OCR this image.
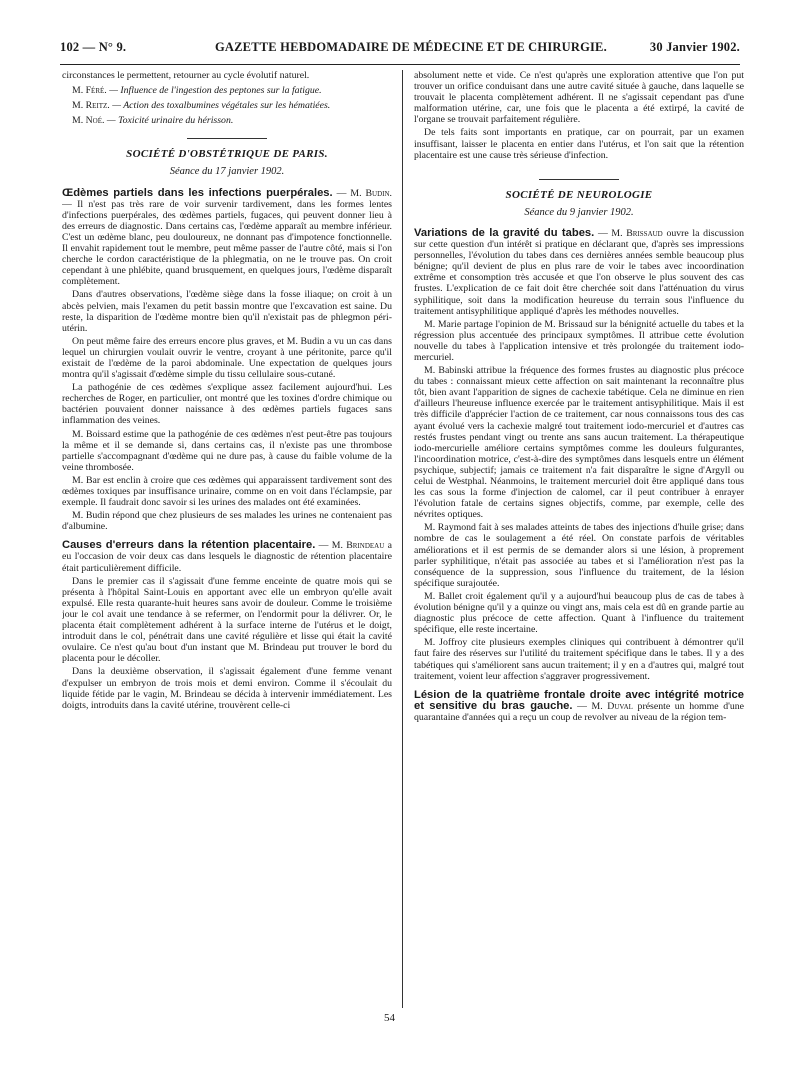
102 — N° 9.	GAZETTE HEBDOMADAIRE DE MÉDECINE ET DE CHIRURGIE.	30 Janvier 1902.

circonstances le permettent, retourner au cycle évolutif naturel.

M. Féré. — Influence de l'ingestion des peptones sur la fatigue.

M. Reitz. — Action des toxalbumines végétales sur les hématiées.

M. Noé. — Toxicité urinaire du hérisson.

SOCIÉTÉ D'OBSTÉTRIQUE DE PARIS.
Séance du 17 janvier 1902.

Œdèmes partiels dans les infections puerpérales. — M. Budin. — Il n'est pas très rare de voir survenir tardivement, dans les formes lentes d'infections puerpérales, des œdèmes partiels, fugaces, qui peuvent donner lieu à des erreurs de diagnostic. Dans certains cas, l'œdème apparaît au membre inférieur. C'est un œdème blanc, peu douloureux, ne donnant pas d'impotence fonctionnelle. Il envahit rapidement tout le membre, peut même passer de l'autre côté, mais si l'on cherche le cordon caractéristique de la phlegmatia, on ne le trouve pas. On croit cependant à une phlébite, quand brusquement, en quelques jours, l'œdème disparaît complètement.

Dans d'autres observations, l'œdème siège dans la fosse iliaque; on croit à un abcès pelvien, mais l'examen du petit bassin montre que l'excavation est saine. Du reste, la disparition de l'œdème montre bien qu'il n'existait pas de phlegmon péri-utérin.

On peut même faire des erreurs encore plus graves, et M. Budin a vu un cas dans lequel un chirurgien voulait ouvrir le ventre, croyant à une péritonite, parce qu'il existait de l'œdème de la paroi abdominale. Une expectation de quelques jours montra qu'il s'agissait d'œdème simple du tissu cellulaire sous-cutané.

La pathogénie de ces œdèmes s'explique assez facilement aujourd'hui. Les recherches de Roger, en particulier, ont montré que les toxines d'ordre chimique ou bactérien pouvaient donner naissance à des œdèmes partiels fugaces sans inflammation des veines.

M. Boissard estime que la pathogénie de ces œdèmes n'est peut-être pas toujours la même et il se demande si, dans certains cas, il n'existe pas une thrombose partielle s'accompagnant d'œdème qui ne dure pas, à cause du faible volume de la veine thrombosée.

M. Bar est enclin à croire que ces œdèmes qui apparaissent tardivement sont des œdèmes toxiques par insuffisance urinaire, comme on en voit dans l'éclampsie, par exemple. Il faudrait donc savoir si les urines des malades ont été examinées.

M. Budin répond que chez plusieurs de ses malades les urines ne contenaient pas d'albumine.

Causes d'erreurs dans la rétention placentaire. — M. Brindeau a eu l'occasion de voir deux cas dans lesquels le diagnostic de rétention placentaire était particulièrement difficile.

Dans le premier cas il s'agissait d'une femme enceinte de quatre mois qui se présenta à l'hôpital Saint-Louis en apportant avec elle un embryon qu'elle avait expulsé. Elle resta quarante-huit heures sans avoir de douleur. Comme le troisième jour le col avait une tendance à se refermer, on l'endormit pour la délivrer. Or, le placenta était complètement adhérent à la surface interne de l'utérus et le doigt, introduit dans le col, pénétrait dans une cavité régulière et lisse qui était la cavité ovulaire. Ce n'est qu'au bout d'un instant que M. Brindeau put trouver le bord du placenta pour le décoller.

Dans la deuxième observation, il s'agissait également d'une femme venant d'expulser un embryon de trois mois et demi environ. Comme il s'écoulait du liquide fétide par le vagin, M. Brindeau se décida à intervenir immédiatement. Les doigts, introduits dans la cavité utérine, trouvèrent celle-ci

absolument nette et vide. Ce n'est qu'après une exploration attentive que l'on put trouver un orifice conduisant dans une autre cavité située à gauche, dans laquelle se trouvait le placenta complètement adhérent. Il ne s'agissait cependant pas d'une malformation utérine, car, une fois que le placenta a été extirpé, la cavité de l'organe se trouvait parfaitement régulière.

De tels faits sont importants en pratique, car on pourrait, par un examen insuffisant, laisser le placenta en entier dans l'utérus, et l'on sait que la rétention placentaire est une cause très sérieuse d'infection.

SOCIÉTÉ DE NEUROLOGIE
Séance du 9 janvier 1902.

Variations de la gravité du tabes. — M. Brissaud ouvre la discussion sur cette question d'un intérêt si pratique en déclarant que, d'après ses impressions personnelles, l'évolution du tabes dans ces dernières années semble beaucoup plus bénigne; qu'il devient de plus en plus rare de voir le tabes avec incoordination extrême et consomption très accusée et que l'on observe le plus souvent des cas frustes. L'explication de ce fait doit être cherchée soit dans l'atténuation du virus syphilitique, soit dans la modification heureuse du terrain sous l'influence du traitement antisyphilitique appliqué d'après les méthodes nouvelles.

M. Marie partage l'opinion de M. Brissaud sur la bénignité actuelle du tabes et la régression plus accentuée des principaux symptômes. Il attribue cette évolution nouvelle du tabes à l'application intensive et très prolongée du traitement iodo-mercuriel.

M. Babinski attribue la fréquence des formes frustes au diagnostic plus précoce du tabes : connaissant mieux cette affection on sait maintenant la reconnaître plus tôt, bien avant l'apparition de signes de cachexie tabétique. Cela ne diminue en rien d'ailleurs l'heureuse influence exercée par le traitement antisyphilitique. Mais il est très difficile d'apprécier l'action de ce traitement, car nous connaissons tous des cas ayant évolué vers la cachexie malgré tout traitement iodo-mercuriel et d'autres cas restés frustes pendant vingt ou trente ans sans aucun traitement. La thérapeutique iodo-mercurielle améliore certains symptômes comme les douleurs fulgurantes, l'incoordination motrice, c'est-à-dire des symptômes dans lesquels entre un élément psychique, subjectif; jamais ce traitement n'a fait disparaître le signe d'Argyll ou celui de Westphal. Néanmoins, le traitement mercuriel doit être appliqué dans tous les cas sous la forme d'injection de calomel, car il peut contribuer à enrayer l'évolution fatale de certains signes objectifs, comme, par exemple, celle des névrites optiques.

M. Raymond fait à ses malades atteints de tabes des injections d'huile grise; dans nombre de cas le soulagement a été réel. On constate parfois de véritables améliorations et il est permis de se demander alors si une lésion, à proprement parler syphilitique, n'était pas associée au tabes et si l'amélioration n'est pas la conséquence de la suppression, sous l'influence du traitement, de la lésion spécifique surajoutée.

M. Ballet croit également qu'il y a aujourd'hui beaucoup plus de cas de tabes à évolution bénigne qu'il y a quinze ou vingt ans, mais cela est dû en grande partie au diagnostic plus précoce de cette affection. Quant à l'influence du traitement spécifique, elle reste incertaine.

M. Joffroy cite plusieurs exemples cliniques qui contribuent à démontrer qu'il faut faire des réserves sur l'utilité du traitement spécifique dans le tabes. Il y a des tabétiques qui s'améliorent sans aucun traitement; il y en a d'autres qui, malgré tout traitement, voient leur affection s'aggraver progressivement.

Lésion de la quatrième frontale droite avec intégrité motrice et sensitive du bras gauche. — M. Duval présente un homme d'une quarantaine d'années qui a reçu un coup de revolver au niveau de la région tem-

54
